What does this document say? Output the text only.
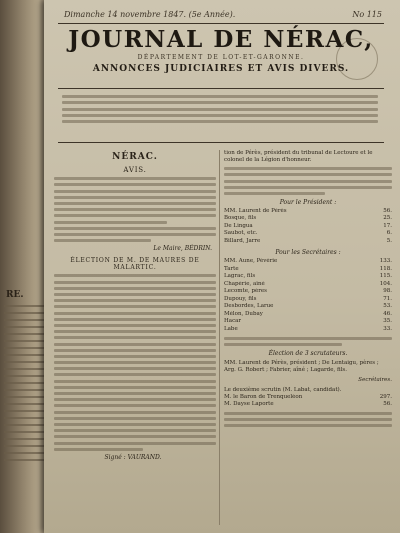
RE.
Dimanche 14 novembre 1847. (5e Année).	No 115
JOURNAL DE NÉRAC,
DÉPARTEMENT DE LOT-ET-GARONNE.
ANNONCES JUDICIAIRES ET AVIS DIVERS.
NÉRAC.
AVIS.
Le Maire, BÉDRIN.
ÉLECTION DE M. DE MAURES DE MALARTIC.
Signé : VAURAND.
tion de Pérès, président du tribunal de Lectoure et le colonel de la Légion d'honneur.
Pour le Président :
MM. Laurent de Pérès	56.
Bosque, fils	25.
De Lingua	17.
Saubot, etc.	6.
Billard, Jarre	5.
Pour les Secrétaires :
MM. Aune, Pèvérie	133.
Tarte	118.
Lagrac, fils	115.
Chapèrie, aîné	104.
Lecomte, pères	98.
Dupouy, fils	71.
Desbordes, Larue	53.
Mélon, Dubay	46.
Hacar	35.
Labe	33.
Élection de 3 scrutateurs.
MM. Laurent de Pérès, président ; De Lentaigu, pères ; Arg. G. Robert ; Fabrier, aîné ; Lagarde, fils.
Secrétaires.
Le deuxième scrutin (M. Labat, candidat).
M. le Baron de Trenquelèon	297.
M. Dayse Laporte	56.
